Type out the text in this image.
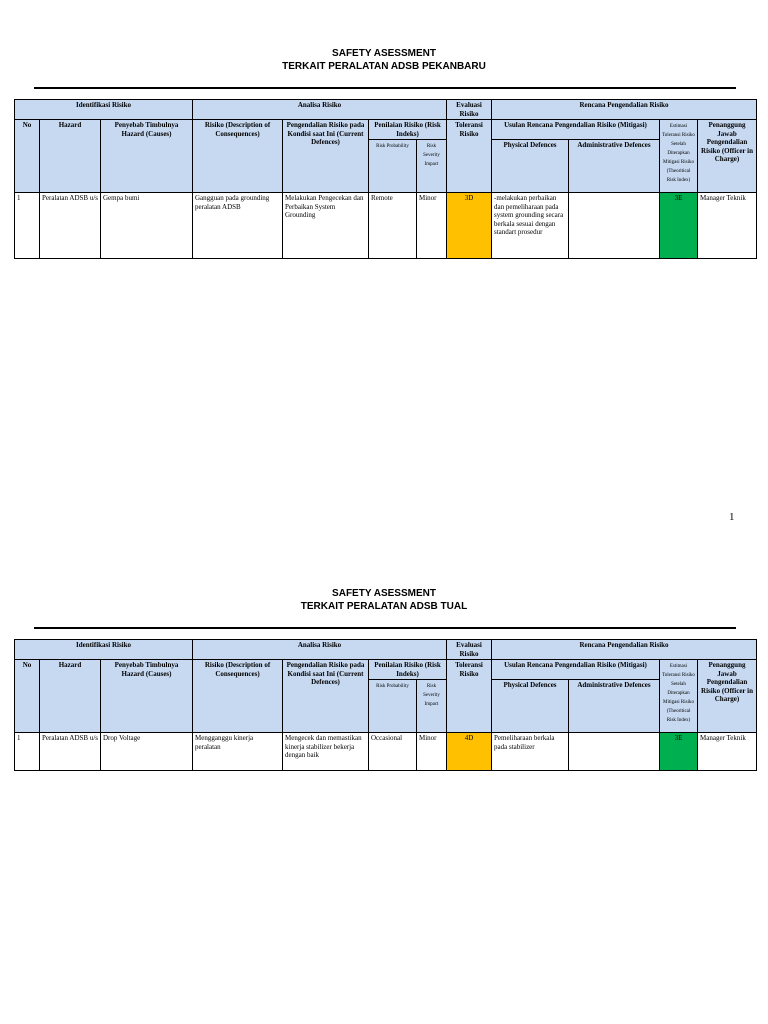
SAFETY ASESSMENT
TERKAIT PERALATAN ADSB PEKANBARU
Identifikasi Risiko			Analisa Risiko				Evaluasi Risiko	Rencana Pengendalian Risiko			
No	Hazard	Penyebab Timbulnya Hazard (Causes)	Risiko (Description of Consequences)	Pengendalian Risiko pada Kondisi saat Ini (Current Defences)	Penilaian Risiko (Risk Indeks)		Toleransi Risiko	Usulan Rencana Pengendalian Risiko (Mitigasi)		Estimasi Toleransi Risiko Setelah Diterapkan Mitigasi Risiko (Theoritical Risk Index)	Penanggung Jawab Pengendalian Risiko (Officer in Charge)
					Risk Probability	Risk Severity Impact		Physical Defences	Administrative Defences		
1	Peralatan ADSB u/s	Gempa bumi	Gangguan pada grounding peralatan ADSB	Melakukan Pengecekan dan Perbaikan System Grounding	Remote	Minor	3D	-melakukan perbaikan dan pemeliharaan pada system grounding secara berkala sesuai dengan standart prosedur		3E	Manager Teknik
1
SAFETY ASESSMENT
TERKAIT PERALATAN ADSB TUAL
Identifikasi Risiko			Analisa Risiko				Evaluasi Risiko	Rencana Pengendalian Risiko			
No	Hazard	Penyebab Timbulnya Hazard (Causes)	Risiko (Description of Consequences)	Pengendalian Risiko pada Kondisi saat Ini (Current Defences)	Penilaian Risiko (Risk Indeks)		Toleransi Risiko	Usulan Rencana Pengendalian Risiko (Mitigasi)		Estimasi Toleransi Risiko Setelah Diterapkan Mitigasi Risiko (Theoritical Risk Index)	Penanggung Jawab Pengendalian Risiko (Officer in Charge)
					Risk Probability	Risk Severity Impact		Physical Defences	Administrative Defences		
1	Peralatan ADSB u/s	Drop Voltage	Mengganggu kinerja peralatan	Mengecek dan memastikan kinerja stabilizer bekerja dengan baik	Occasional	Minor	4D	Pemeliharaan berkala pada stabilizer		3E	Manager Teknik
